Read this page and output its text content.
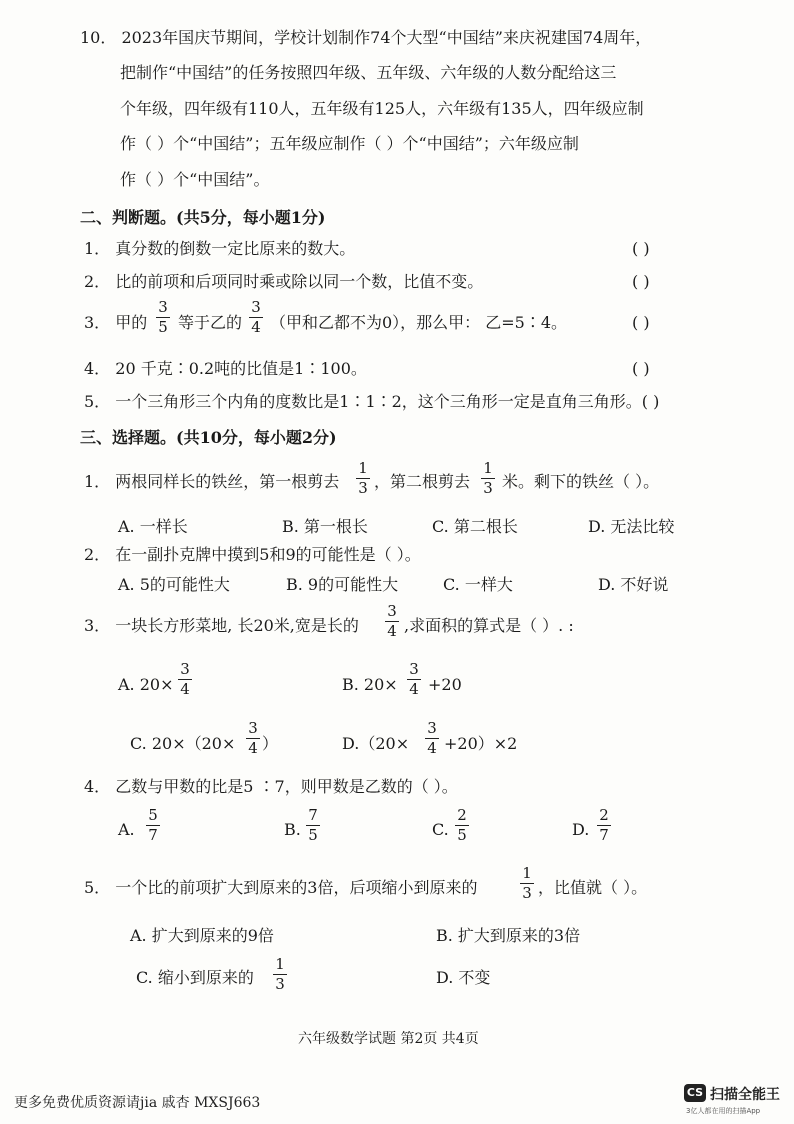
10． 2023年国庆节期间，学校计划制作74个大型“中国结”来庆祝建国74周年，
把制作“中国结”的任务按照四年级、五年级、六年级的人数分配给这三
个年级，四年级有110人，五年级有125人，六年级有135人，四年级应制
作（ ）个“中国结”；五年级应制作（ ）个“中国结”；六年级应制
作（ ）个“中国结”。
二、判断题。(共5分，每小题1分)
1． 真分数的倒数一定比原来的数大。	( )
2． 比的前项和后项同时乘或除以同一个数，比值不变。	( )
3． 甲的
3
5 等于乙的
3
4 （甲和乙都不为0），那么甲： 乙=5∶4。	( )
4． 20 千克∶0.2吨的比值是1∶100。	( )
5． 一个三角形三个内角的度数比是1∶1∶2，这个三角形一定是直角三角形。( )
三、选择题。(共10分，每小题2分)
1． 两根同样长的铁丝，第一根剪去
1
3 ，第二根剪去
1
3 米。剩下的铁丝（ ）。
A. 一样长	B. 第一根长	C. 第二根长	D. 无法比较
2． 在一副扑克牌中摸到5和9的可能性是（ ）。
A. 5的可能性大	B. 9的可能性大	C. 一样大	D. 不好说
3． 一块长方形菜地, 长20米,宽是长的
3
4 ,求面积的算式是（ ）. :
A. 20×
3
4	B. 20×
3
4 +20
C. 20×（20×
3
4 ）	D.（20×
3
4 +20）×2
4． 乙数与甲数的比是5 ∶7，则甲数是乙数的（ ）。
A.
5
7	B.
7
5	C.
2
5	D.
2
7
5． 一个比的前项扩大到原来的3倍，后项缩小到原来的
1
3 ，比值就（ ）。
A. 扩大到原来的9倍	B. 扩大到原来的3倍
C. 缩小到原来的
1
3	D. 不变
六年级数学试题 第2页 共4页
更多免费优质资源请jia 戚杏 MXSJ663
CS 扫描全能王
3亿人都在用的扫描App
